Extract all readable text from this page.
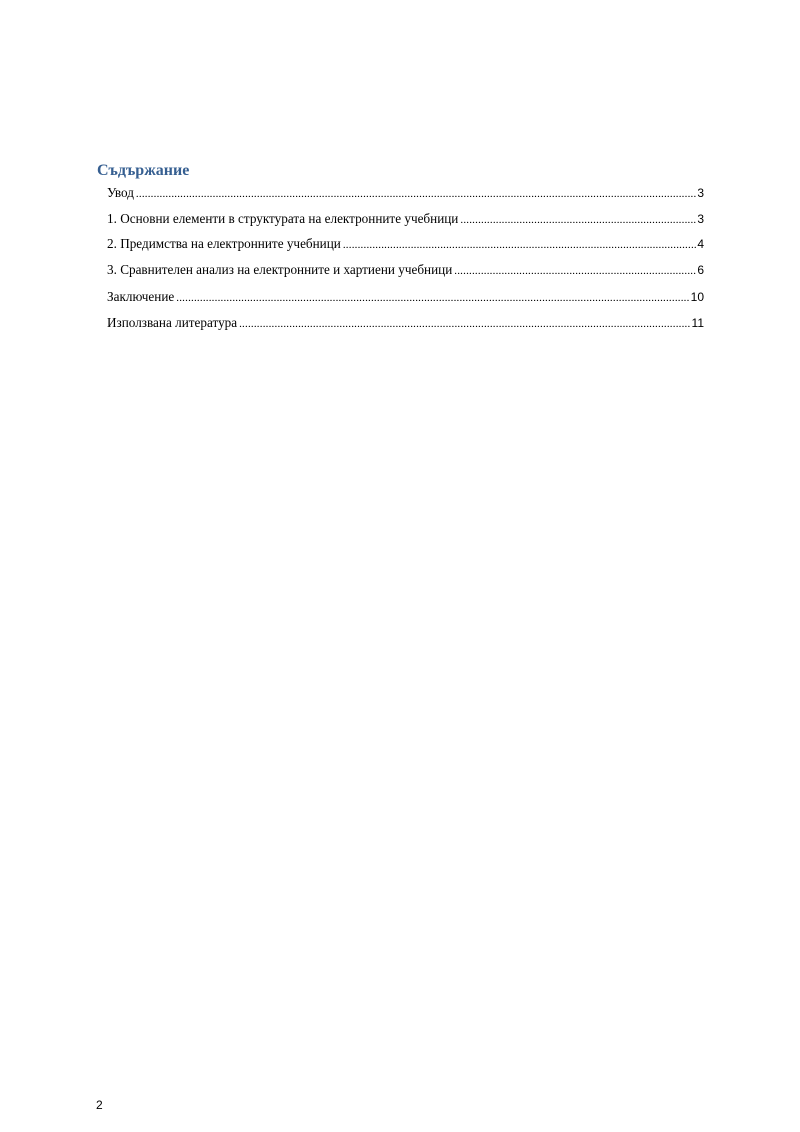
Съдържание
Увод .....	3
1. Основни елементи в структурата на електронните учебници .....	3
2. Предимства на електронните учебници .....	4
3. Сравнителен анализ на електронните и хартиени учебници .....	6
Заключение .....	10
Използвана литература .....	11
2
